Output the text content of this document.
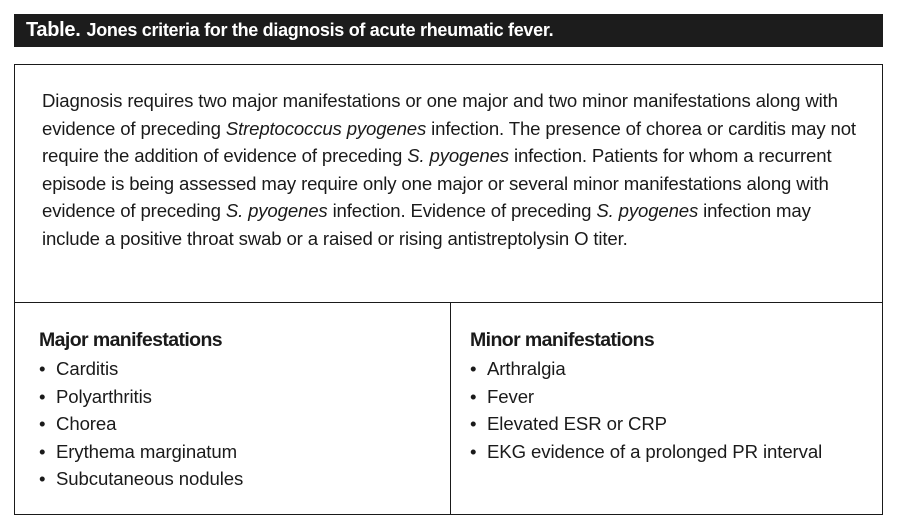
Table. Jones criteria for the diagnosis of acute rheumatic fever.

Diagnosis requires two major manifestations or one major and two minor manifestations along with evidence of preceding Streptococcus pyogenes infection. The presence of chorea or carditis may not require the addition of evidence of preceding S. pyogenes infection. Patients for whom a recurrent episode is being assessed may require only one major or several minor manifestations along with evidence of preceding S. pyogenes infection. Evidence of preceding S. pyogenes infection may include a positive throat swab or a raised or rising antistreptolysin O titer.

Major manifestations
• Carditis
• Polyarthritis
• Chorea
• Erythema marginatum
• Subcutaneous nodules
Minor manifestations
• Arthralgia
• Fever
• Elevated ESR or CRP
• EKG evidence of a prolonged PR interval
